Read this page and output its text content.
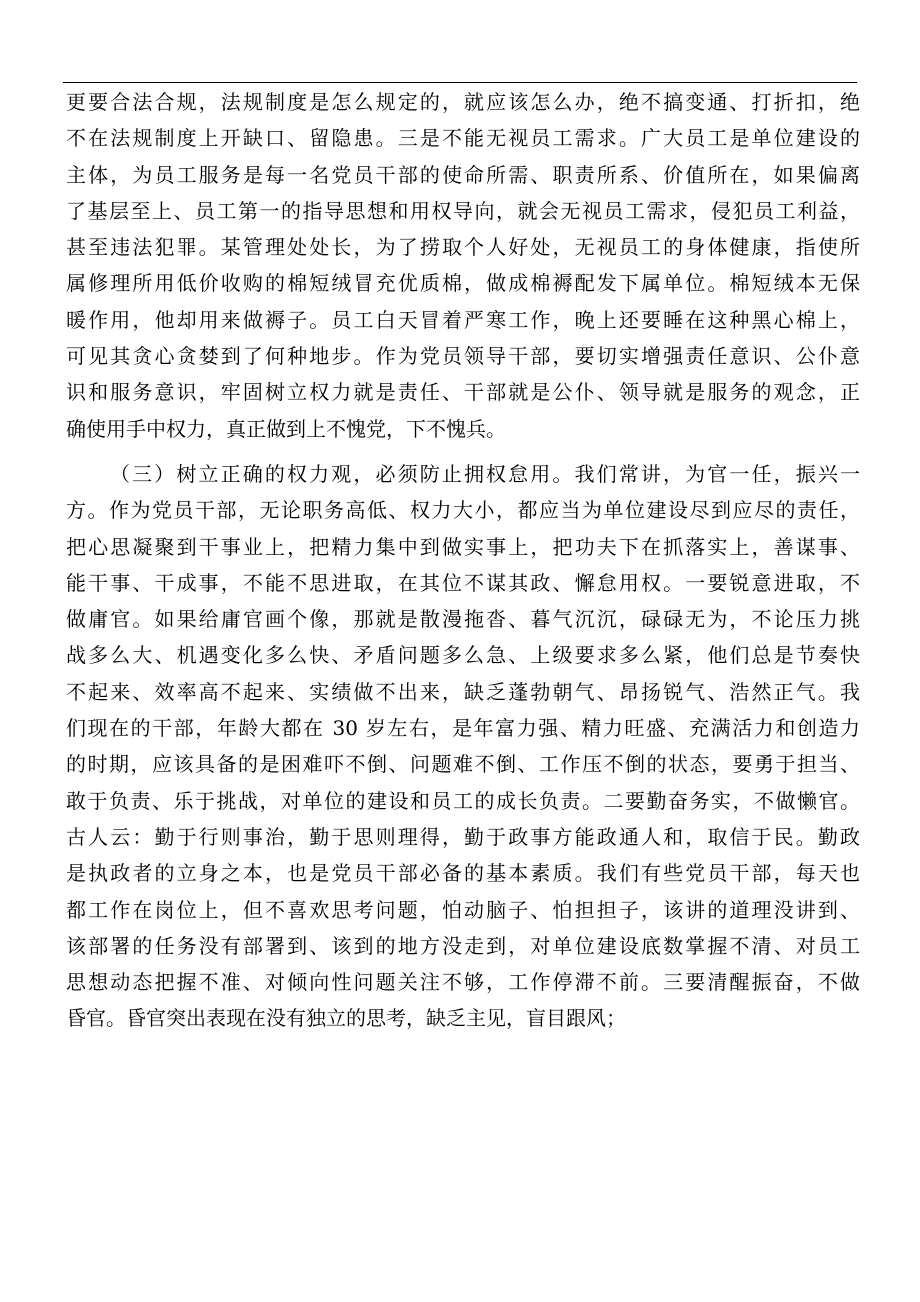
更要合法合规，法规制度是怎么规定的，就应该怎么办，绝不搞变通、打折扣，绝
不在法规制度上开缺口、留隐患。三是不能无视员工需求。广大员工是单位建设的
主体，为员工服务是每一名党员干部的使命所需、职责所系、价值所在，如果偏离
了基层至上、员工第一的指导思想和用权导向，就会无视员工需求，侵犯员工利益，
甚至违法犯罪。某管理处处长，为了捞取个人好处，无视员工的身体健康，指使所
属修理所用低价收购的棉短绒冒充优质棉，做成棉褥配发下属单位。棉短绒本无保
暖作用，他却用来做褥子。员工白天冒着严寒工作，晚上还要睡在这种黑心棉上，
可见其贪心贪婪到了何种地步。作为党员领导干部，要切实增强责任意识、公仆意
识和服务意识，牢固树立权力就是责任、干部就是公仆、领导就是服务的观念，正
确使用手中权力，真正做到上不愧党，下不愧兵。
（三）树立正确的权力观，必须防止拥权怠用。我们常讲，为官一任，振兴一
方。作为党员干部，无论职务高低、权力大小，都应当为单位建设尽到应尽的责任，
把心思凝聚到干事业上，把精力集中到做实事上，把功夫下在抓落实上，善谋事、
能干事、干成事，不能不思进取，在其位不谋其政、懈怠用权。一要锐意进取，不
做庸官。如果给庸官画个像，那就是散漫拖沓、暮气沉沉，碌碌无为，不论压力挑
战多么大、机遇变化多么快、矛盾问题多么急、上级要求多么紧，他们总是节奏快
不起来、效率高不起来、实绩做不出来，缺乏蓬勃朝气、昂扬锐气、浩然正气。我
们现在的干部，年龄大都在 30 岁左右，是年富力强、精力旺盛、充满活力和创造力
的时期，应该具备的是困难吓不倒、问题难不倒、工作压不倒的状态，要勇于担当、
敢于负责、乐于挑战，对单位的建设和员工的成长负责。二要勤奋务实，不做懒官。
古人云：勤于行则事治，勤于思则理得，勤于政事方能政通人和，取信于民。勤政
是执政者的立身之本，也是党员干部必备的基本素质。我们有些党员干部，每天也
都工作在岗位上，但不喜欢思考问题，怕动脑子、怕担担子，该讲的道理没讲到、
该部署的任务没有部署到、该到的地方没走到，对单位建设底数掌握不清、对员工
思想动态把握不准、对倾向性问题关注不够，工作停滞不前。三要清醒振奋，不做
昏官。昏官突出表现在没有独立的思考，缺乏主见，盲目跟风；
